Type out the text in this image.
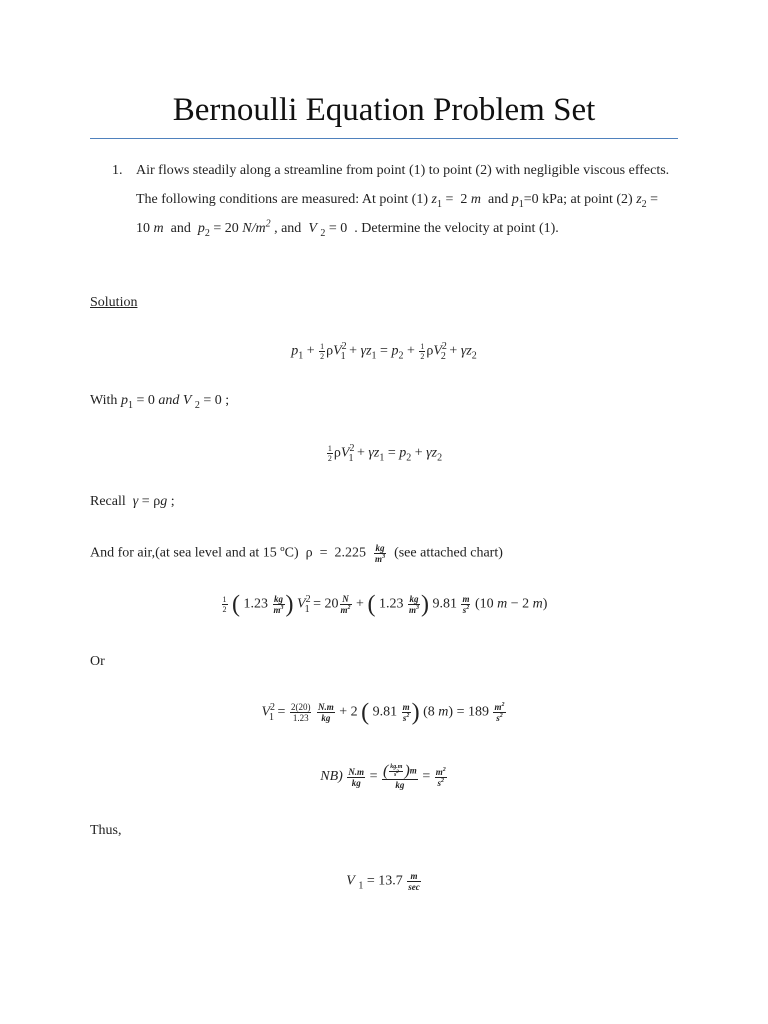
Bernoulli Equation Problem Set
1. Air flows steadily along a streamline from point (1) to point (2) with negligible viscous effects. The following conditions are measured: At point (1) $z_1 = 2$ m and $p_1=0$ kPa; at point (2) $z_2 = 10$ m and $p_2 = 20$ $N/m^2$ , and V $_2$ = 0 . Determine the velocity at point (1).
Solution
$p_1 + \frac{1}{2} \rho V^2_1 + \gamma z_1 = p_2 + \frac{1}{2} \rho V^2_2 + \gamma z_2$
With $p_1 = 0$ and V $_2$ = 0 ;
$\frac{1}{2} \rho V^2_1 + \gamma z_1 = p_2 + \gamma z_2$
Recall γ = ρg ;
And for air,(at sea level and at 15 ºC)  $\rho = 2.225 \frac{kg}{m^3} (see$ attached chart)
$\frac{1}{2}$ ( $1.23 \frac{kg}{m^3}$ ) $V^2_1 = 20 \frac{N}{m^2}$ + ( $1.23 \frac{kg}{m^3}$ ) $9.81 \frac{m}{s^2} (10$ m − 2 m)
Or
$V^2_1 = \frac{2(20)}{1.23}$
$\frac{N.m}{kg} + 2$ ( $9.81 \frac{m}{s^2}$ ) (8 $m) = 189 \frac{m^2}{s^2}$
$NB) \frac{N.m}{kg} = \frac{( \frac{kg.m}{s^2} )m}{kg} = \frac{m^2}{s^2}$
Thus,
V $_1 = 13.7 \frac{m}{\sec}$
